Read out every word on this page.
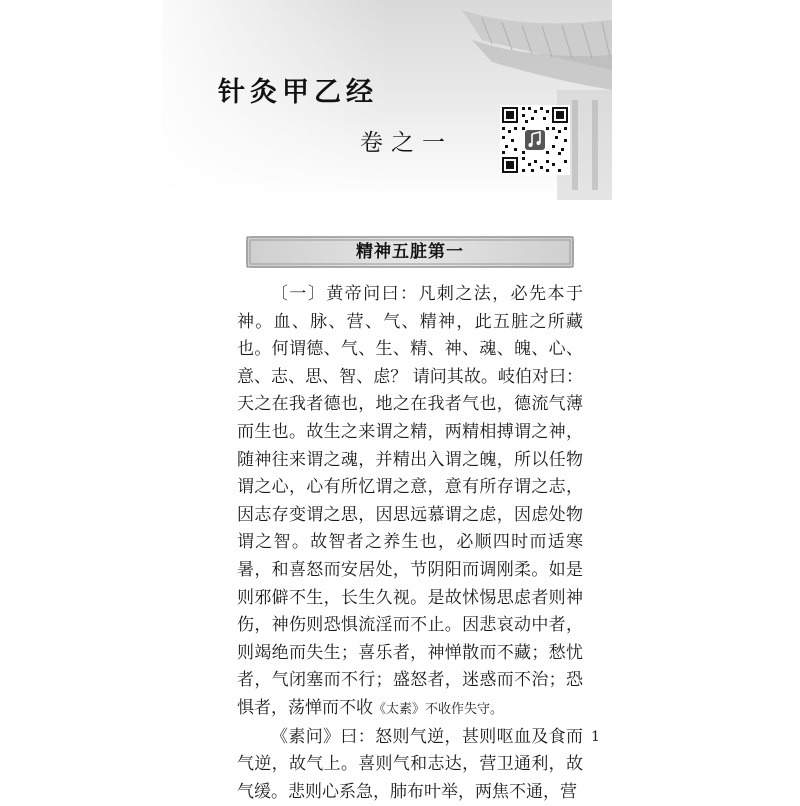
针灸甲乙经
卷之一
精神五脏第一

〔一〕黄帝问曰：凡刺之法，必先本于神。血、脉、营、气、精神，此五脏之所藏也。何谓德、气、生、精、神、魂、魄、心、意、志、思、智、虑？ 请问其故。岐伯对曰：天之在我者德也，地之在我者气也，德流气薄而生也。故生之来谓之精，两精相搏谓之神，随神往来谓之魂，并精出入谓之魄，所以任物谓之心，心有所忆谓之意，意有所存谓之志，因志存变谓之思，因思远慕谓之虑，因虑处物谓之智。故智者之养生也，必顺四时而适寒暑，和喜怒而安居处，节阴阳而调刚柔。如是则邪僻不生，长生久视。是故怵惕思虑者则神伤，神伤则恐惧流淫而不止。因悲哀动中者，则竭绝而失生；喜乐者，神惮散而不藏；愁忧者，气闭塞而不行；盛怒者，迷惑而不治；恐惧者，荡惮而不收《太素》不收作失守。

《素问》曰：怒则气逆，甚则呕血及食而气逆，故气上。喜则气和志达，营卫通利，故气缓。悲则心系急，肺布叶举，两焦不通，营

1
